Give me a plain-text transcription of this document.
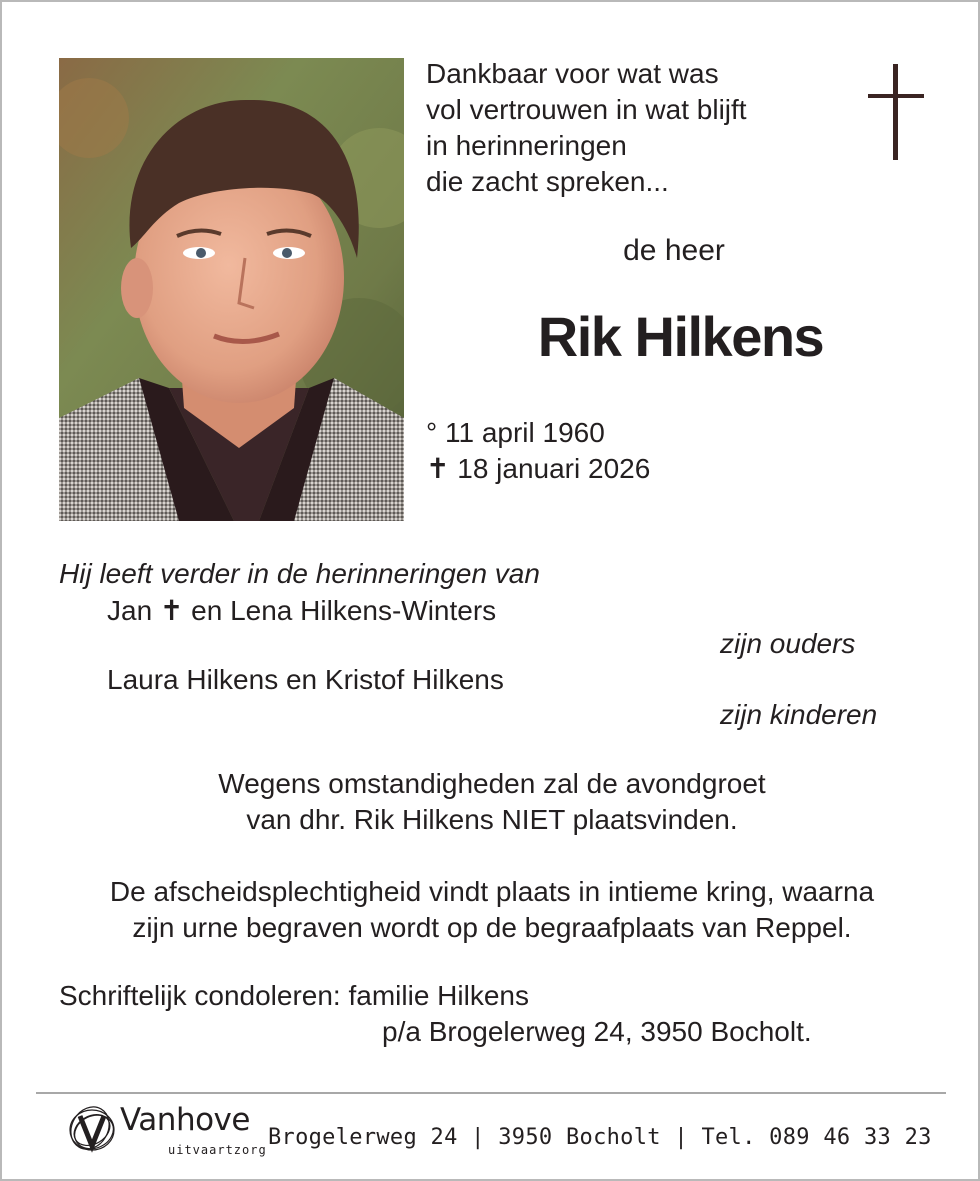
Dankbaar voor wat was
vol vertrouwen in wat blijft
in herinneringen
die zacht spreken...
de heer
Rik Hilkens
° 11 april 1960
✝ 18 januari 2026
Hij leeft verder in de herinneringen van
Jan ✝ en Lena Hilkens-Winters
zijn ouders
Laura Hilkens en Kristof Hilkens
zijn kinderen
Wegens omstandigheden zal de avondgroet
van dhr. Rik Hilkens NIET plaatsvinden.
De afscheidsplechtigheid vindt plaats in intieme kring, waarna
zijn urne begraven wordt op de begraafplaats van Reppel.
Schriftelijk condoleren: familie Hilkens
p/a Brogelerweg 24, 3950 Bocholt.
Vanhove
uitvaartzorg Brogelerweg 24 | 3950 Bocholt | Tel. 089 46 33 23
